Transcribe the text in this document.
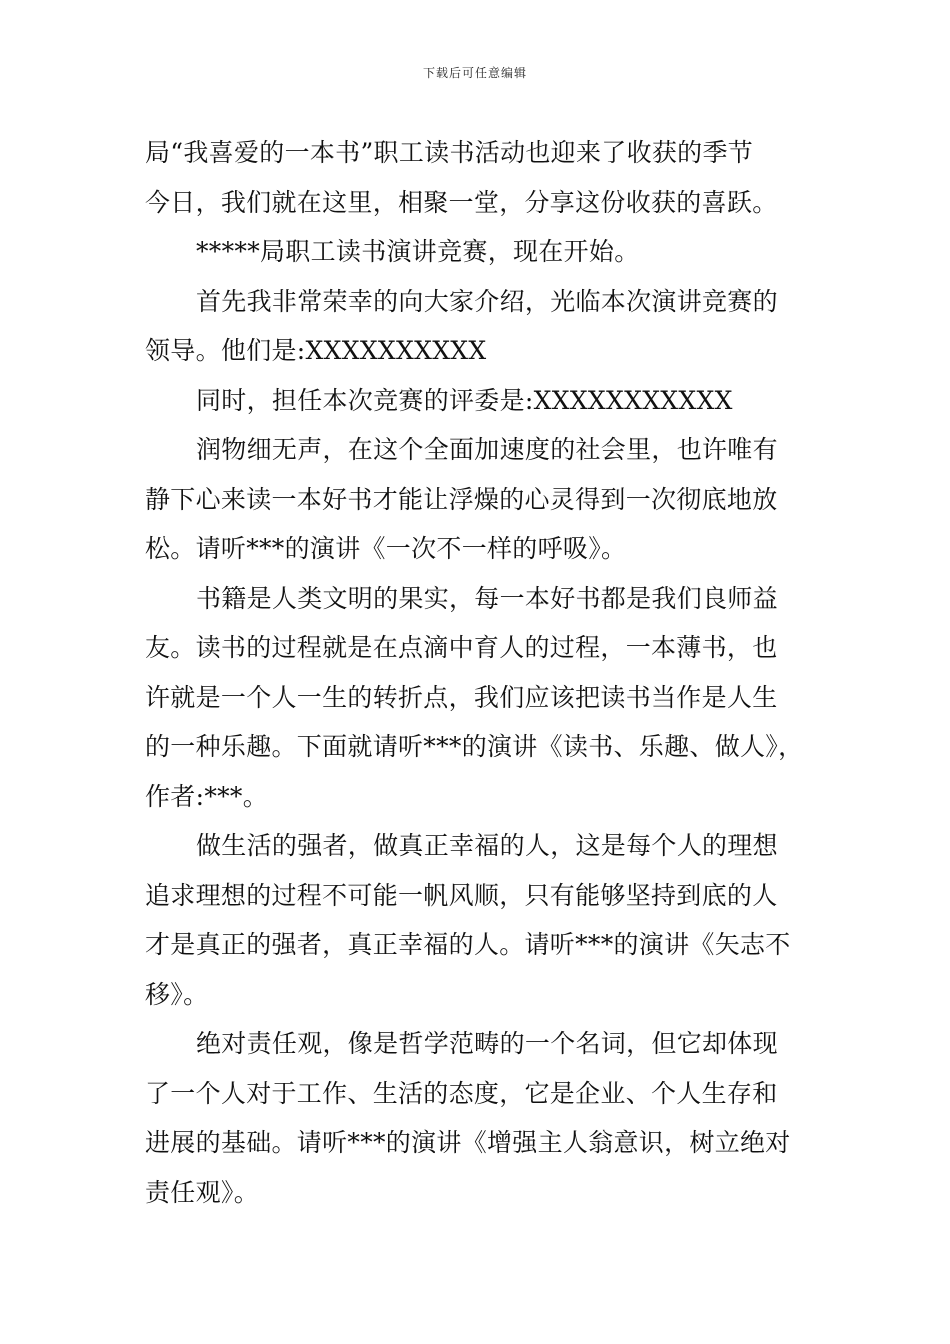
下载后可任意编辑
局“我喜爱的一本书”职工读书活动也迎来了收获的季节
今日，我们就在这里，相聚一堂，分享这份收获的喜跃。
*****局职工读书演讲竞赛，现在开始。
首先我非常荣幸的向大家介绍，光临本次演讲竞赛的
领导。他们是:XXXXXXXXXX
同时，担任本次竞赛的评委是:XXXXXXXXXXX
润物细无声，在这个全面加速度的社会里，也许唯有
静下心来读一本好书才能让浮燥的心灵得到一次彻底地放
松。请听***的演讲《一次不一样的呼吸》。
书籍是人类文明的果实，每一本好书都是我们良师益
友。读书的过程就是在点滴中育人的过程，一本薄书，也
许就是一个人一生的转折点，我们应该把读书当作是人生
的一种乐趣。下面就请听***的演讲《读书、乐趣、做人》，
作者:***。
做生活的强者，做真正幸福的人，这是每个人的理想
追求理想的过程不可能一帆风顺，只有能够坚持到底的人
才是真正的强者，真正幸福的人。请听***的演讲《矢志不
移》。
绝对责任观，像是哲学范畴的一个名词，但它却体现
了一个人对于工作、生活的态度，它是企业、个人生存和
进展的基础。请听***的演讲《增强主人翁意识，树立绝对
责任观》。
